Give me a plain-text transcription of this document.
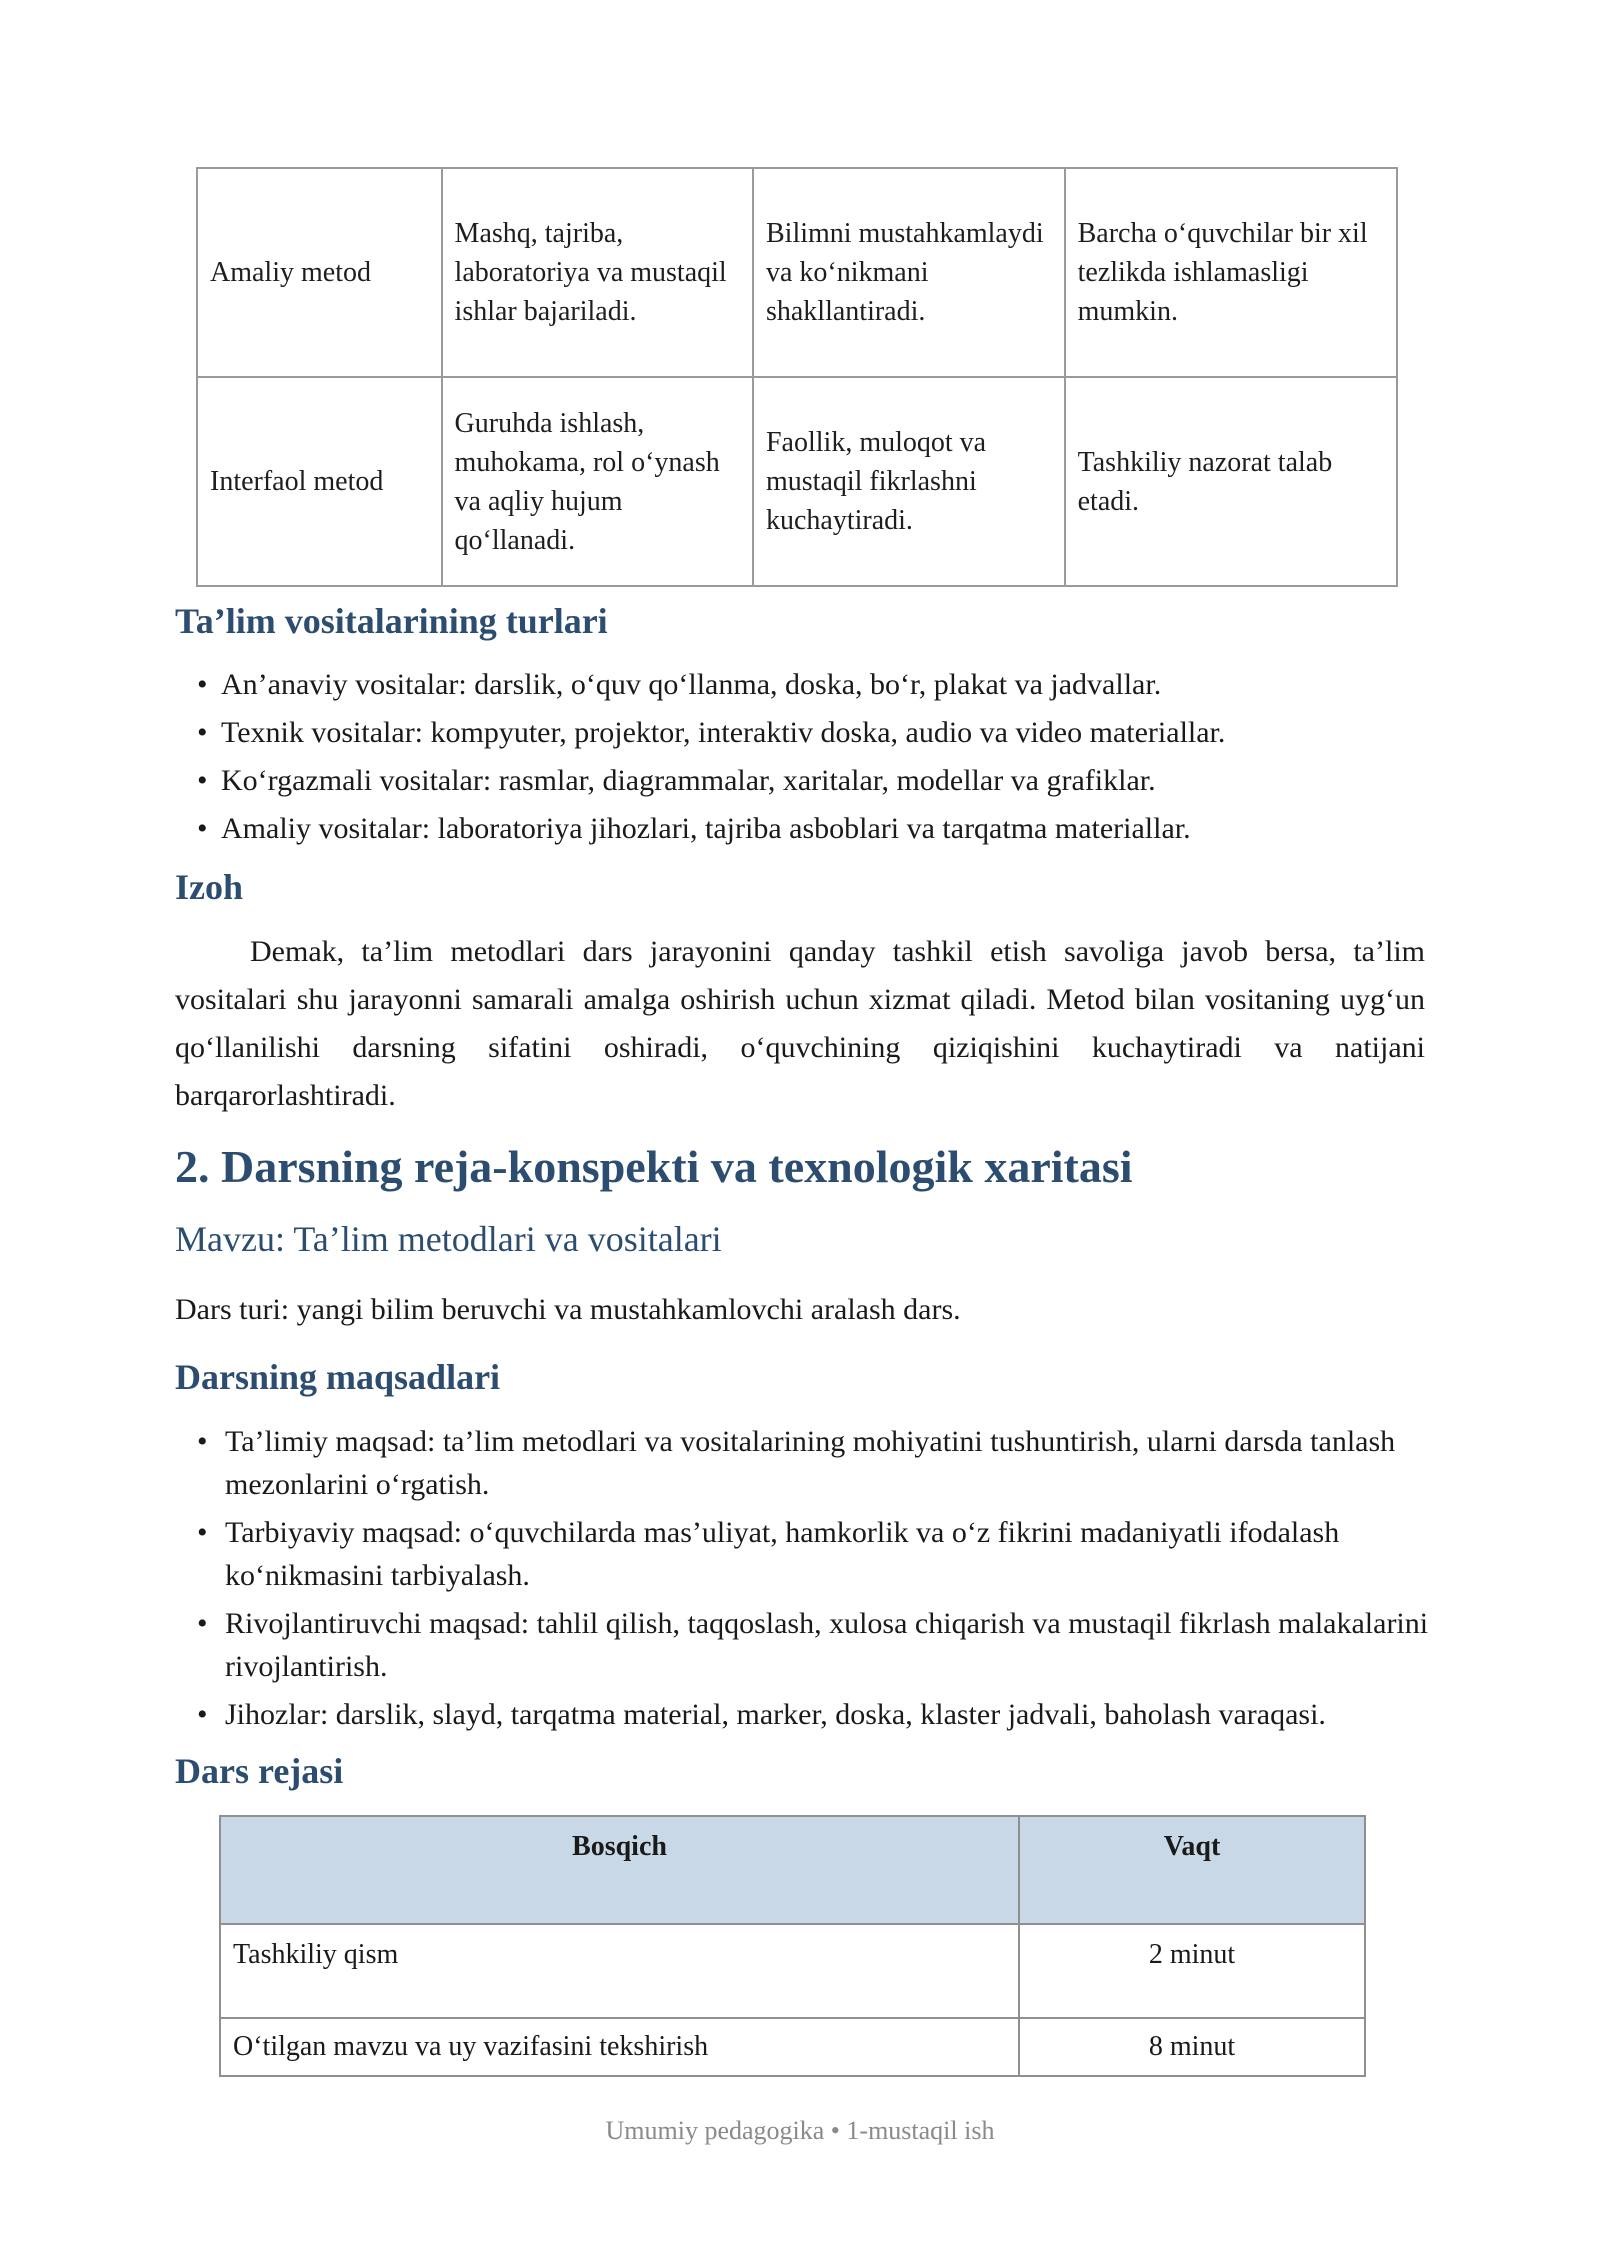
Amaliy metod	Mashq, tajriba, laboratoriya va mustaqil ishlar bajariladi.	Bilimni mustahkamlaydi va ko‘nikmani shakllantiradi.	Barcha o‘quvchilar bir xil tezlikda ishlamasligi mumkin.
Interfaol metod	Guruhda ishlash, muhokama, rol o‘ynash va aqliy hujum qo‘llanadi.	Faollik, muloqot va mustaqil fikrlashni kuchaytiradi.	Tashkiliy nazorat talab etadi.
Ta’lim vositalarining turlari
• An’anaviy vositalar: darslik, o‘quv qo‘llanma, doska, bo‘r, plakat va jadvallar.
• Texnik vositalar: kompyuter, projektor, interaktiv doska, audio va video materiallar.
• Ko‘rgazmali vositalar: rasmlar, diagrammalar, xaritalar, modellar va grafiklar.
• Amaliy vositalar: laboratoriya jihozlari, tajriba asboblari va tarqatma materiallar.
Izoh

Demak, ta’lim metodlari dars jarayonini qanday tashkil etish savoliga javob bersa, ta’lim vositalari shu jarayonni samarali amalga oshirish uchun xizmat qiladi. Metod bilan vositaning uyg‘un qo‘llanilishi darsning sifatini oshiradi, o‘quvchining qiziqishini kuchaytiradi va natijani barqarorlashtiradi.

2. Darsning reja-konspekti va texnologik xaritasi

Mavzu: Ta’lim metodlari va vositalari

Dars turi: yangi bilim beruvchi va mustahkamlovchi aralash dars.

Darsning maqsadlari
• Ta’limiy maqsad: ta’lim metodlari va vositalarining mohiyatini tushuntirish, ularni darsda tanlash mezonlarini o‘rgatish.
• Tarbiyaviy maqsad: o‘quvchilarda mas’uliyat, hamkorlik va o‘z fikrini madaniyatli ifodalash ko‘nikmasini tarbiyalash.
• Rivojlantiruvchi maqsad: tahlil qilish, taqqoslash, xulosa chiqarish va mustaqil fikrlash malakalarini rivojlantirish.
• Jihozlar: darslik, slayd, tarqatma material, marker, doska, klaster jadvali, baholash varaqasi.
Dars rejasi
Bosqich	Vaqt
Tashkiliy qism	2 minut
O‘tilgan mavzu va uy vazifasini tekshirish	8 minut
Umumiy pedagogika • 1-mustaqil ish
